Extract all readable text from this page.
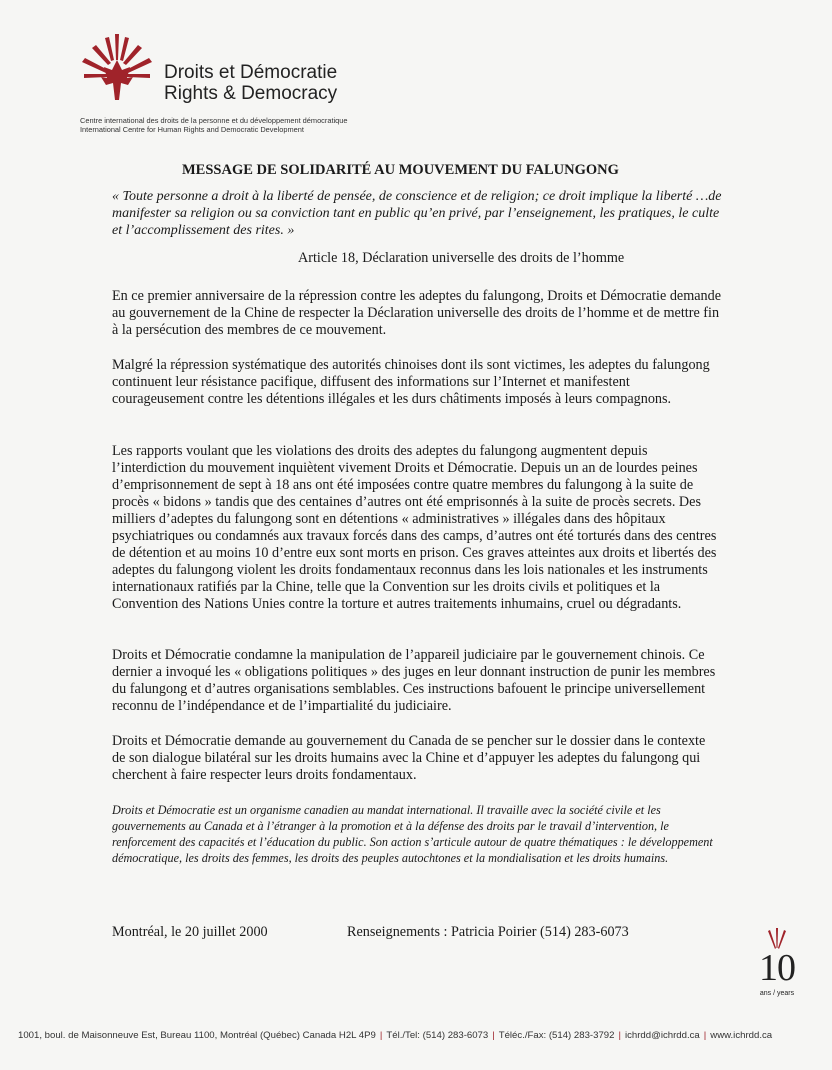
Droits et Démocratie
Rights & Democracy
Centre international des droits de la personne et du développement démocratique
International Centre for Human Rights and Democratic Development
MESSAGE DE SOLIDARITÉ AU MOUVEMENT DU FALUNGONG
« Toute personne a droit à la liberté de pensée, de conscience et de religion; ce droit implique la liberté …de manifester sa religion ou sa conviction tant en public qu’en privé, par l’enseignement, les pratiques, le culte et l’accomplissement des rites. »
Article 18, Déclaration universelle des droits de l’homme
En ce premier anniversaire de la répression contre les adeptes du falungong, Droits et Démocratie demande au gouvernement de la Chine de respecter la Déclaration universelle des droits de l’homme et de mettre fin à la persécution des membres de ce mouvement.
Malgré la répression systématique des autorités chinoises dont ils sont victimes, les adeptes du falungong continuent leur résistance pacifique, diffusent des informations sur l’Internet et manifestent courageusement contre les détentions illégales et les durs châtiments imposés à leurs compagnons.
Les rapports voulant que les violations des droits des adeptes du falungong augmentent depuis l’interdiction du mouvement inquiètent vivement Droits et Démocratie. Depuis un an de lourdes peines d’emprisonnement de sept à 18 ans ont été imposées contre quatre membres du falungong à la suite de procès « bidons » tandis que des centaines d’autres ont été emprisonnés à la suite de procès secrets. Des milliers d’adeptes du falungong sont en détentions « administratives » illégales dans des hôpitaux psychiatriques ou condamnés aux travaux forcés dans des camps, d’autres ont été torturés dans des centres de détention et au moins 10 d’entre eux sont morts en prison. Ces graves atteintes aux droits et libertés des adeptes du falungong violent les droits fondamentaux reconnus dans les lois nationales et les instruments internationaux ratifiés par la Chine, telle que la Convention sur les droits civils et politiques et la Convention des Nations Unies contre la torture et autres traitements inhumains, cruel ou dégradants.
Droits et Démocratie condamne la manipulation de l’appareil judiciaire par le gouvernement chinois. Ce dernier a invoqué les « obligations politiques » des juges en leur donnant instruction de punir les membres du falungong et d’autres organisations semblables. Ces instructions bafouent le principe universellement reconnu de l’indépendance et de l’impartialité du judiciaire.
Droits et Démocratie demande au gouvernement du Canada de se pencher sur le dossier dans le contexte de son dialogue bilatéral sur les droits humains avec la Chine et d’appuyer les adeptes du falungong qui cherchent à faire respecter leurs droits fondamentaux.
Droits et Démocratie est un organisme canadien au mandat international. Il travaille avec la société civile et les gouvernements au Canada et à l’étranger à la promotion et à la défense des droits par le travail d’intervention, le renforcement des capacités et l’éducation du public. Son action s’articule autour de quatre thématiques : le développement démocratique, les droits des femmes, les droits des peuples autochtones et la mondialisation et les droits humains.
Montréal, le 20 juillet 2000	Renseignements : Patricia Poirier (514) 283-6073
10
ans / years
1001, boul. de Maisonneuve Est, Bureau 1100, Montréal (Québec) Canada H2L 4P9 | Tél./Tel: (514) 283-6073 | Téléc./Fax: (514) 283-3792 | ichrdd@ichrdd.ca | www.ichrdd.ca
